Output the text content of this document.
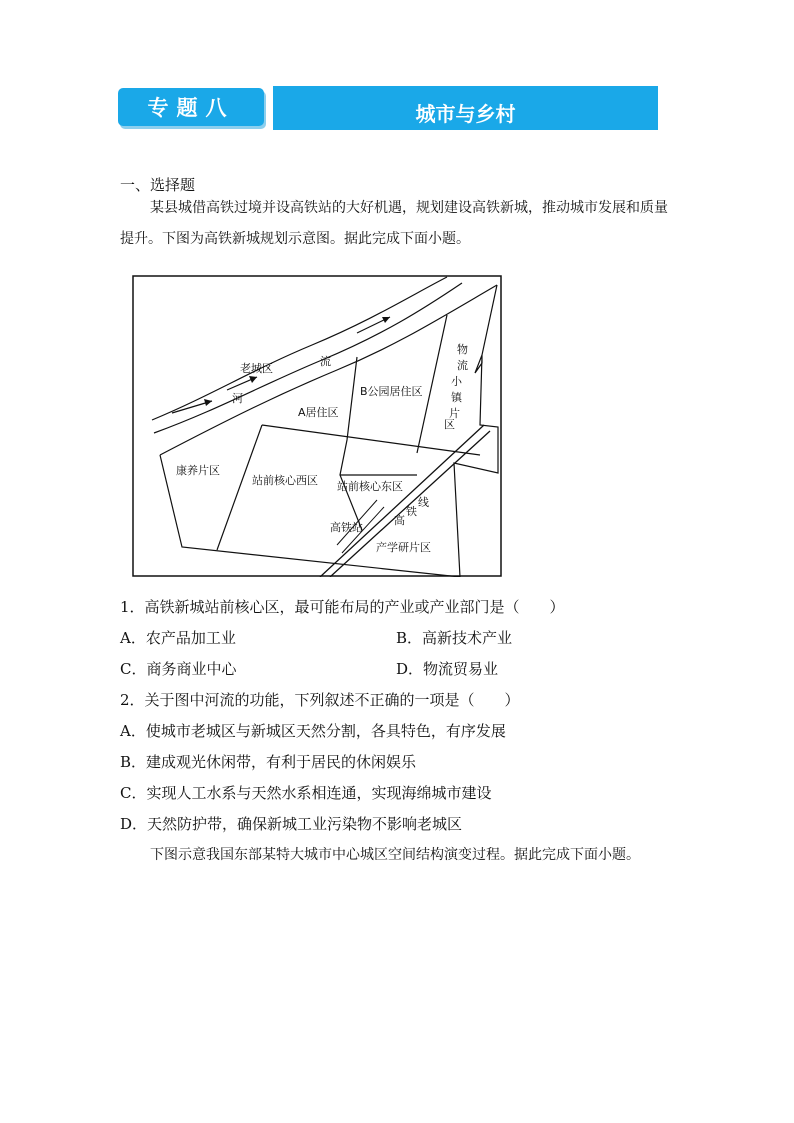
专题八	城市与乡村
一、选择题
某县城借高铁过境并设高铁站的大好机遇，规划建设高铁新城，推动城市发展和质量提升。下图为高铁新城规划示意图。据此完成下面小题。
老城区
流
河
A居住区
B公园居住区
物
流
小
镇
片
区
康养片区
站前核心西区 站前核心东区
高铁站
线
铁
高
产学研片区
1．高铁新城站前核心区，最可能布局的产业或产业部门是（　　）
A．农产品加工业	B．高新技术产业
C．商务商业中心	D．物流贸易业
2．关于图中河流的功能，下列叙述不正确的一项是（　　）
A．使城市老城区与新城区天然分割，各具特色，有序发展
B．建成观光休闲带，有利于居民的休闲娱乐
C．实现人工水系与天然水系相连通，实现海绵城市建设
D．天然防护带，确保新城工业污染物不影响老城区
下图示意我国东部某特大城市中心城区空间结构演变过程。据此完成下面小题。
